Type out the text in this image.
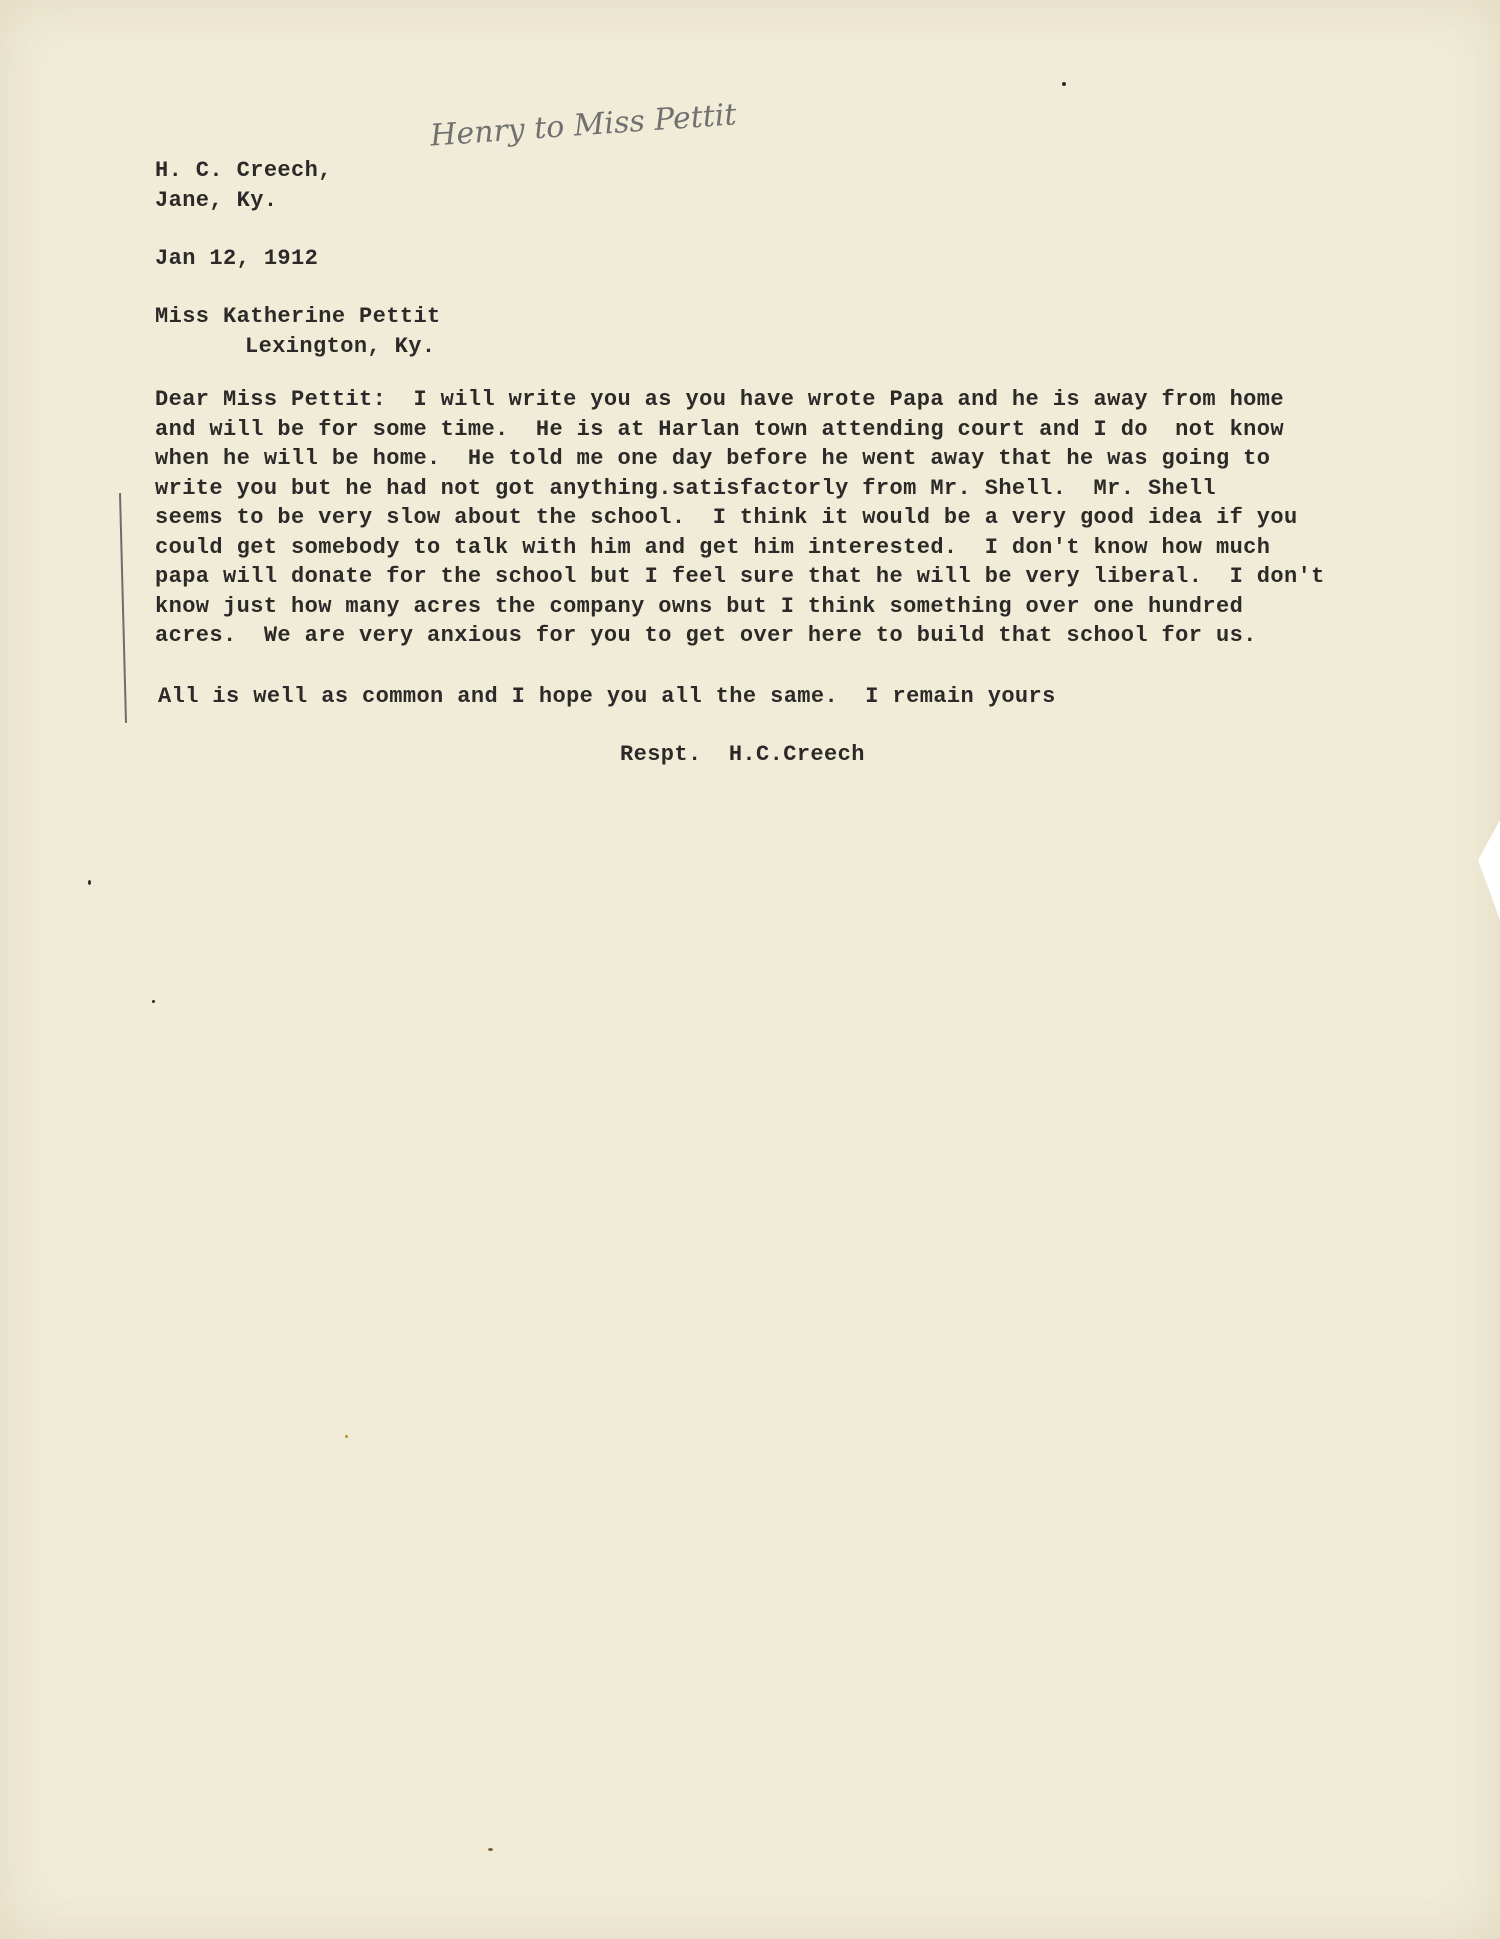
Henry to Miss Pettit
H. C. Creech,
Jane, Ky.
Jan 12, 1912
Miss Katherine Pettit
Lexington, Ky.
Dear Miss Pettit:  I will write you as you have wrote Papa and he is away from home
and will be for some time.  He is at Harlan town attending court and I do  not know
when he will be home.  He told me one day before he went away that he was going to
write you but he had not got anything.satisfactorly from Mr. Shell.  Mr. Shell
seems to be very slow about the school.  I think it would be a very good idea if you
could get somebody to talk with him and get him interested.  I don't know how much
papa will donate for the school but I feel sure that he will be very liberal.  I don't
know just how many acres the company owns but I think something over one hundred
acres.  We are very anxious for you to get over here to build that school for us.
All is well as common and I hope you all the same.  I remain yours
Respt.  H.C.Creech
